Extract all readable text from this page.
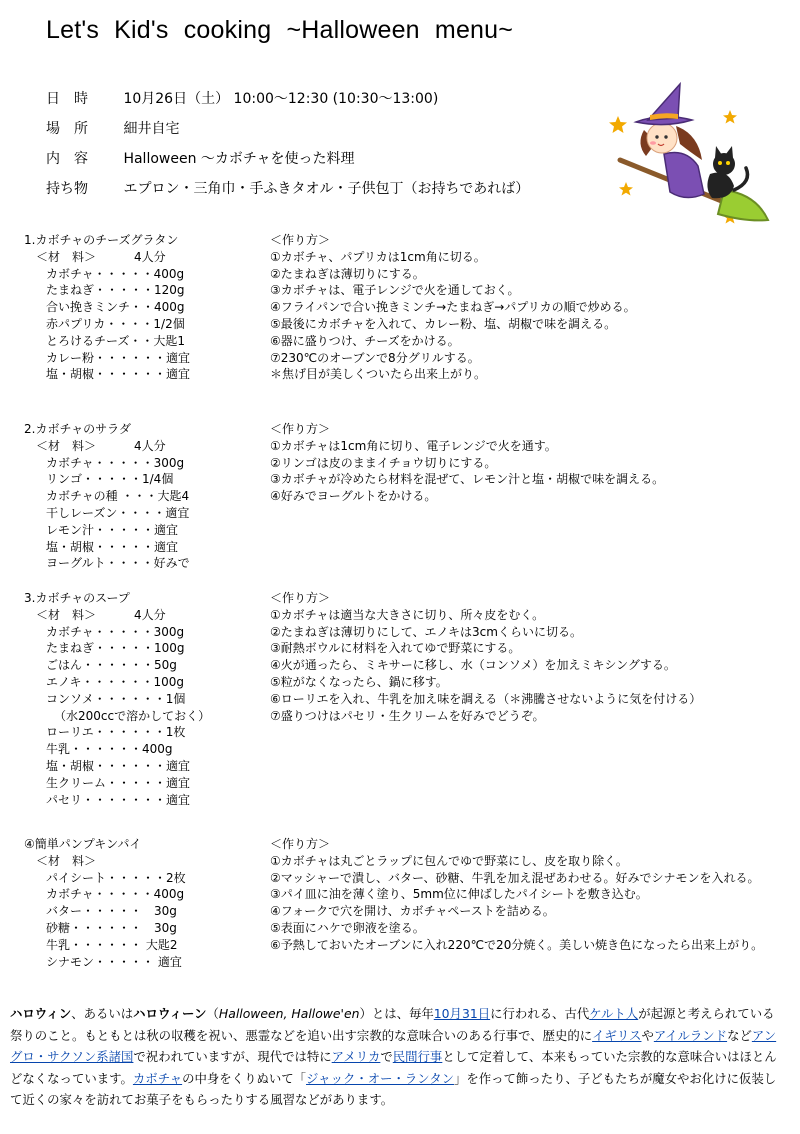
Let's Kid's cooking ~Halloween menu~
日　時	10月26日（土） 10:00～12:30 (10:30～13:00)
場　所	細井自宅
内　容	Halloween ～カボチャを使った料理
持ち物	エプロン・三角巾・手ふきタオル・子供包丁（お持ちであれば）
1.カボチャのチーズグラタン
＜材　料＞	4人分
カボチャ・・・・・400g
たまねぎ・・・・・120g
合い挽きミンチ・・400g
赤パプリカ・・・・1/2個
とろけるチーズ・・大匙1
カレー粉・・・・・・適宜
塩・胡椒・・・・・・適宜
＜作り方＞
①カボチャ、パプリカは1cm角に切る。
②たまねぎは薄切りにする。
③カボチャは、電子レンジで火を通しておく。
④フライパンで合い挽きミンチ→たまねぎ→パプリカの順で炒める。
⑤最後にカボチャを入れて、カレー粉、塩、胡椒で味を調える。
⑥器に盛りつけ、チーズをかける。
⑦230℃のオーブンで8分グリルする。
＊焦げ目が美しくついたら出来上がり。
2.カボチャのサラダ
＜材　料＞	4人分
カボチャ・・・・・300g
リンゴ・・・・・1/4個
カボチャの種 ・・・大匙4
干しレーズン・・・・適宜
レモン汁・・・・・適宜
塩・胡椒・・・・・適宜
ヨーグルト・・・・好みで
＜作り方＞
①カボチャは1cm角に切り、電子レンジで火を通す。
②リンゴは皮のままイチョウ切りにする。
③カボチャが冷めたら材料を混ぜて、レモン汁と塩・胡椒で味を調える。
④好みでヨーグルトをかける。
3.カボチャのスープ
＜材　料＞	4人分
カボチャ・・・・・300g
たまねぎ・・・・・100g
ごはん・・・・・・50g
エノキ・・・・・・100g
コンソメ・・・・・・1個
（水200ccで溶かしておく）
ローリエ・・・・・・1枚
牛乳・・・・・・400g
塩・胡椒・・・・・・適宜
生クリーム・・・・・適宜
パセリ・・・・・・・適宜
＜作り方＞
①カボチャは適当な大きさに切り、所々皮をむく。
②たまねぎは薄切りにして、エノキは3cmくらいに切る。
③耐熱ボウルに材料を入れてゆで野菜にする。
④火が通ったら、ミキサーに移し、水（コンソメ）を加えミキシングする。
⑤粒がなくなったら、鍋に移す。
⑥ローリエを入れ、牛乳を加え味を調える（＊沸騰させないように気を付ける）
⑦盛りつけはパセリ・生クリームを好みでどうぞ。
④簡単パンプキンパイ
＜材　料＞
パイシート・・・・・2枚
カボチャ・・・・・400g
バター・・・・・　30g
砂糖・・・・・・　30g
牛乳・・・・・・ 大匙2
シナモン・・・・・ 適宜
＜作り方＞
①カボチャは丸ごとラップに包んでゆで野菜にし、皮を取り除く。
②マッシャーで潰し、バター、砂糖、牛乳を加え混ぜあわせる。好みでシナモンを入れる。
③パイ皿に油を薄く塗り、5mm位に伸ばしたパイシートを敷き込む。
④フォークで穴を開け、カボチャペーストを詰める。
⑤表面にハケで卵液を塗る。
⑥予熱しておいたオーブンに入れ220℃で20分焼く。美しい焼き色になったら出来上がり。
ハロウィン、あるいはハロウィーン（Halloween, Hallowe'en）とは、毎年10月31日に行われる、古代ケルト人が起源と考えられている祭りのこと。もともとは秋の収穫を祝い、悪霊などを追い出す宗教的な意味合いのある行事で、歴史的にイギリスやアイルランドなどアングロ・サクソン系諸国で祝われていますが、現代では特にアメリカで民間行事として定着して、本来もっていた宗教的な意味合いはほとんどなくなっています。カボチャの中身をくりぬいて「ジャック・オー・ランタン」を作って飾ったり、子どもたちが魔女やお化けに仮装して近くの家々を訪れてお菓子をもらったりする風習などがあります。
